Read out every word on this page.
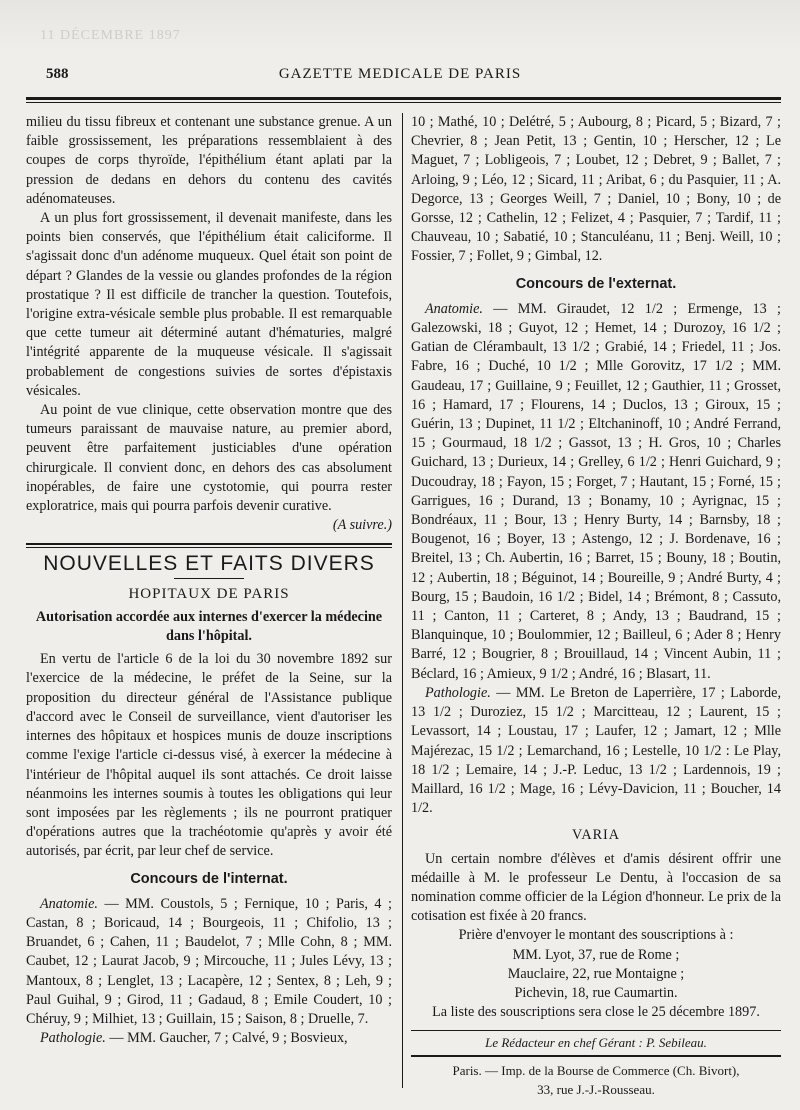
11 DÉCEMBRE 1897
588	GAZETTE MEDICALE DE PARIS

milieu du tissu fibreux et contenant une substance grenue. A un faible grossissement, les préparations ressemblaient à des coupes de corps thyroïde, l'épithélium étant aplati par la pression de dedans en dehors du contenu des cavités adénomateuses.

A un plus fort grossissement, il devenait manifeste, dans les points bien conservés, que l'épithélium était caliciforme. Il s'agissait donc d'un adénome muqueux. Quel était son point de départ ? Glandes de la vessie ou glandes profondes de la région prostatique ? Il est difficile de trancher la question. Toutefois, l'origine extra-vésicale semble plus probable. Il est remarquable que cette tumeur ait déterminé autant d'hématuries, malgré l'intégrité apparente de la muqueuse vésicale. Il s'agissait probablement de congestions suivies de sortes d'épistaxis vésicales.

Au point de vue clinique, cette observation montre que des tumeurs paraissant de mauvaise nature, au premier abord, peuvent être parfaitement justiciables d'une opération chirurgicale. Il convient donc, en dehors des cas absolument inopérables, de faire une cystotomie, qui pourra rester exploratrice, mais qui pourra parfois devenir curative.

(A suivre.)

NOUVELLES ET FAITS DIVERS
HOPITAUX DE PARIS

Autorisation accordée aux internes d'exercer la médecine dans l'hôpital.

En vertu de l'article 6 de la loi du 30 novembre 1892 sur l'exercice de la médecine, le préfet de la Seine, sur la proposition du directeur général de l'Assistance publique d'accord avec le Conseil de surveillance, vient d'autoriser les internes des hôpitaux et hospices munis de douze inscriptions comme l'exige l'article ci-dessus visé, à exercer la médecine à l'intérieur de l'hôpital auquel ils sont attachés. Ce droit laisse néanmoins les internes soumis à toutes les obligations qui leur sont imposées par les règlements ; ils ne pourront pratiquer d'opérations autres que la trachéotomie qu'après y avoir été autorisés, par écrit, par leur chef de service.

Concours de l'internat.

Anatomie. — MM. Coustols, 5 ; Fernique, 10 ; Paris, 4 ; Castan, 8 ; Boricaud, 14 ; Bourgeois, 11 ; Chifolio, 13 ; Bruandet, 6 ; Cahen, 11 ; Baudelot, 7 ; Mlle Cohn, 8 ; MM. Caubet, 12 ; Laurat Jacob, 9 ; Mircouche, 11 ; Jules Lévy, 13 ; Mantoux, 8 ; Lenglet, 13 ; Lacapère, 12 ; Sentex, 8 ; Leh, 9 ; Paul Guihal, 9 ; Girod, 11 ; Gadaud, 8 ; Emile Coudert, 10 ; Chéruy, 9 ; Milhiet, 13 ; Guillain, 15 ; Saison, 8 ; Druelle, 7.

Pathologie. — MM. Gaucher, 7 ; Calvé, 9 ; Bosvieux,

10 ; Mathé, 10 ; Delétré, 5 ; Aubourg, 8 ; Picard, 5 ; Bizard, 7 ; Chevrier, 8 ; Jean Petit, 13 ; Gentin, 10 ; Herscher, 12 ; Le Maguet, 7 ; Lobligeois, 7 ; Loubet, 12 ; Debret, 9 ; Ballet, 7 ; Arloing, 9 ; Léo, 12 ; Sicard, 11 ; Aribat, 6 ; du Pasquier, 11 ; A. Degorce, 13 ; Georges Weill, 7 ; Daniel, 10 ; Bony, 10 ; de Gorsse, 12 ; Cathelin, 12 ; Felizet, 4 ; Pasquier, 7 ; Tardif, 11 ; Chauveau, 10 ; Sabatié, 10 ; Stanculéanu, 11 ; Benj. Weill, 10 ; Fossier, 7 ; Follet, 9 ; Gimbal, 12.

Concours de l'externat.

Anatomie. — MM. Giraudet, 12 1/2 ; Ermenge, 13 ; Galezowski, 18 ; Guyot, 12 ; Hemet, 14 ; Durozoy, 16 1/2 ; Gatian de Clérambault, 13 1/2 ; Grabié, 14 ; Friedel, 11 ; Jos. Fabre, 16 ; Duché, 10 1/2 ; Mlle Gorovitz, 17 1/2 ; MM. Gaudeau, 17 ; Guillaine, 9 ; Feuillet, 12 ; Gauthier, 11 ; Grosset, 16 ; Hamard, 17 ; Flourens, 14 ; Duclos, 13 ; Giroux, 15 ; Guérin, 13 ; Dupinet, 11 1/2 ; Eltchaninoff, 10 ; André Ferrand, 15 ; Gourmaud, 18 1/2 ; Gassot, 13 ; H. Gros, 10 ; Charles Guichard, 13 ; Durieux, 14 ; Grelley, 6 1/2 ; Henri Guichard, 9 ; Ducoudray, 18 ; Fayon, 15 ; Forget, 7 ; Hautant, 15 ; Forné, 15 ; Garrigues, 16 ; Durand, 13 ; Bonamy, 10 ; Ayrignac, 15 ; Bondréaux, 11 ; Bour, 13 ; Henry Burty, 14 ; Barnsby, 18 ; Bougenot, 16 ; Boyer, 13 ; Astengo, 12 ; J. Bordenave, 16 ; Breitel, 13 ; Ch. Aubertin, 16 ; Barret, 15 ; Bouny, 18 ; Boutin, 12 ; Aubertin, 18 ; Béguinot, 14 ; Boureille, 9 ; André Burty, 4 ; Bourg, 15 ; Baudoin, 16 1/2 ; Bidel, 14 ; Brémont, 8 ; Cassuto, 11 ; Canton, 11 ; Carteret, 8 ; Andy, 13 ; Baudrand, 15 ; Blanquinque, 10 ; Boulommier, 12 ; Bailleul, 6 ; Ader 8 ; Henry Barré, 12 ; Bougrier, 8 ; Brouillaud, 14 ; Vincent Aubin, 11 ; Béclard, 16 ; Amieux, 9 1/2 ; André, 16 ; Blasart, 11.

Pathologie. — MM. Le Breton de Laperrière, 17 ; Laborde, 13 1/2 ; Duroziez, 15 1/2 ; Marcitteau, 12 ; Laurent, 15 ; Levassort, 14 ; Loustau, 17 ; Laufer, 12 ; Jamart, 12 ; Mlle Majérezac, 15 1/2 ; Lemarchand, 16 ; Lestelle, 10 1/2 : Le Play, 18 1/2 ; Lemaire, 14 ; J.-P. Leduc, 13 1/2 ; Lardennois, 19 ; Maillard, 16 1/2 ; Mage, 16 ; Lévy-Davicion, 11 ; Boucher, 14 1/2.

VARIA

Un certain nombre d'élèves et d'amis désirent offrir une médaille à M. le professeur Le Dentu, à l'occasion de sa nomination comme officier de la Légion d'honneur. Le prix de la cotisation est fixée à 20 francs.

Prière d'envoyer le montant des souscriptions à :

MM. Lyot, 37, rue de Rome ;

Mauclaire, 22, rue Montaigne ;

Pichevin, 18, rue Caumartin.

La liste des souscriptions sera close le 25 décembre 1897.

Le Rédacteur en chef Gérant : P. Sebileau.

Paris. — Imp. de la Bourse de Commerce (Ch. Bivort),

33, rue J.-J.-Rousseau.
